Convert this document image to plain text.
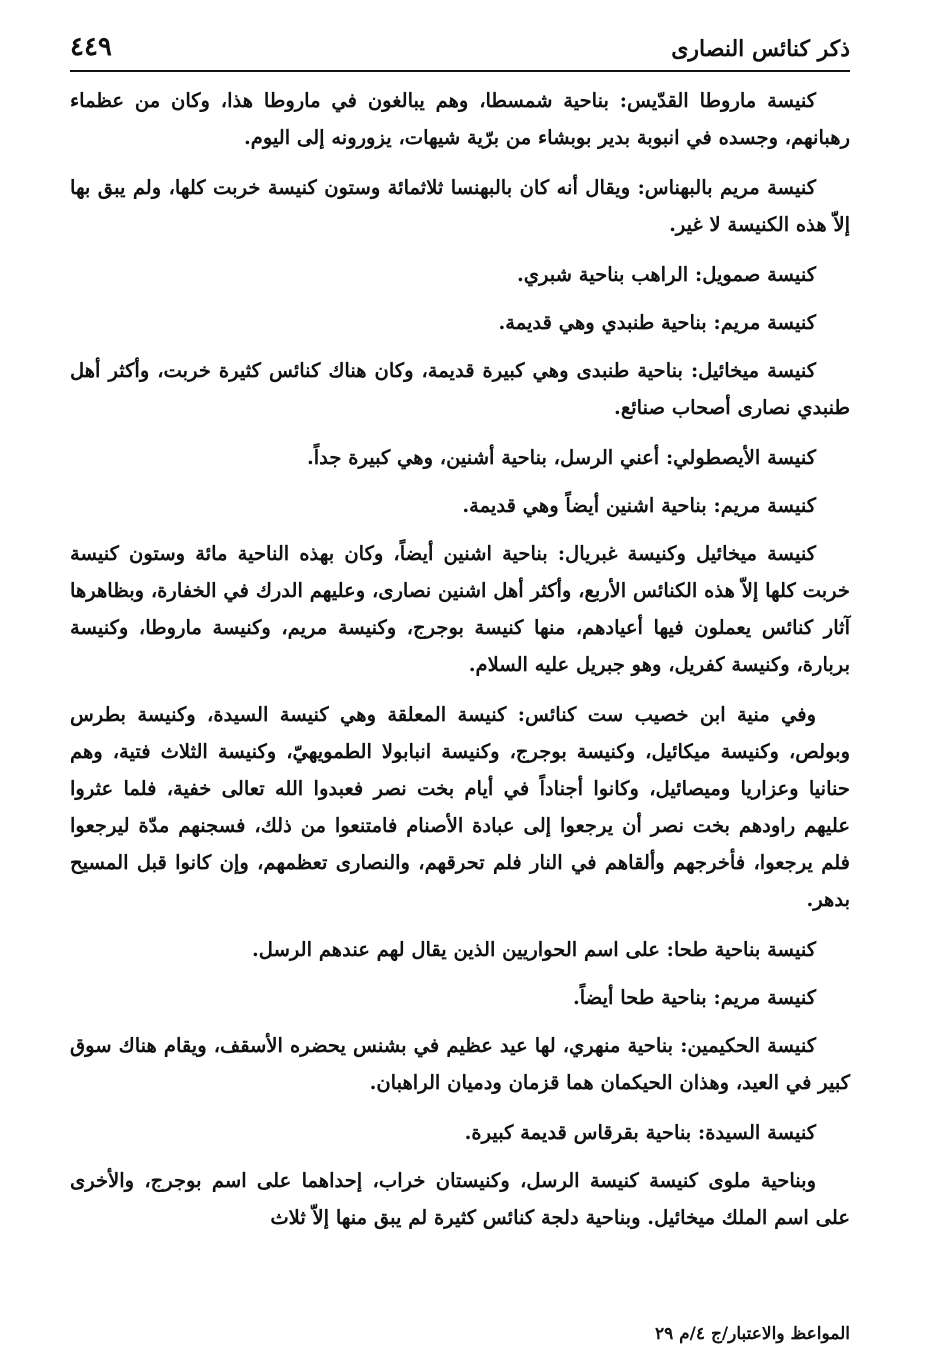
ذكر كنائس النصارى
٤٤٩

كنيسة ماروطا القدّيس: بناحية شمسطا، وهم يبالغون في ماروطا هذا، وكان من عظماء رهبانهم، وجسده في انبوبة بدير بوبشاء من برّية شيهات، يزورونه إلى اليوم.

كنيسة مريم بالبهناس: ويقال أنه كان بالبهنسا ثلاثمائة وستون كنيسة خربت كلها، ولم يبق بها إلاّ هذه الكنيسة لا غير.

كنيسة صمويل: الراهب بناحية شبري.

كنيسة مريم: بناحية طنبدي وهي قديمة.

كنيسة ميخائيل: بناحية طنبدى وهي كبيرة قديمة، وكان هناك كنائس كثيرة خربت، وأكثر أهل طنبدي نصارى أصحاب صنائع.

كنيسة الأيصطولي: أعني الرسل، بناحية أشنين، وهي كبيرة جداً.

كنيسة مريم: بناحية اشنين أيضاً وهي قديمة.

كنيسة ميخائيل وكنيسة غبريال: بناحية اشنين أيضاً، وكان بهذه الناحية مائة وستون كنيسة خربت كلها إلاّ هذه الكنائس الأربع، وأكثر أهل اشنين نصارى، وعليهم الدرك في الخفارة، وبظاهرها آثار كنائس يعملون فيها أعيادهم، منها كنيسة بوجرج، وكنيسة مريم، وكنيسة ماروطا، وكنيسة بربارة، وكنيسة كفريل، وهو جبريل عليه السلام.

وفي منية ابن خصيب ست كنائس: كنيسة المعلقة وهي كنيسة السيدة، وكنيسة بطرس وبولص، وكنيسة ميكائيل، وكنيسة بوجرج، وكنيسة انبابولا الطمويهيّ، وكنيسة الثلاث فتية، وهم حنانيا وعزاريا وميصائيل، وكانوا أجناداً في أيام بخت نصر فعبدوا الله تعالى خفية، فلما عثروا عليهم راودهم بخت نصر أن يرجعوا إلى عبادة الأصنام فامتنعوا من ذلك، فسجنهم مدّة ليرجعوا فلم يرجعوا، فأخرجهم وألقاهم في النار فلم تحرقهم، والنصارى تعظمهم، وإن كانوا قبل المسيح بدهر.

كنيسة بناحية طحا: على اسم الحواريين الذين يقال لهم عندهم الرسل.

كنيسة مريم: بناحية طحا أيضاً.

كنيسة الحكيمين: بناحية منهري، لها عيد عظيم في بشنس يحضره الأسقف، ويقام هناك سوق كبير في العيد، وهذان الحيكمان هما قزمان ودميان الراهبان.

كنيسة السيدة: بناحية بقرقاس قديمة كبيرة.

وبناحية ملوى كنيسة كنيسة الرسل، وكنيستان خراب، إحداهما على اسم بوجرج، والأخرى على اسم الملك ميخائيل. وبناحية دلجة كنائس كثيرة لم يبق منها إلاّ ثلاث

المواعظ والاعتبار/ج ٤/م ٢٩
